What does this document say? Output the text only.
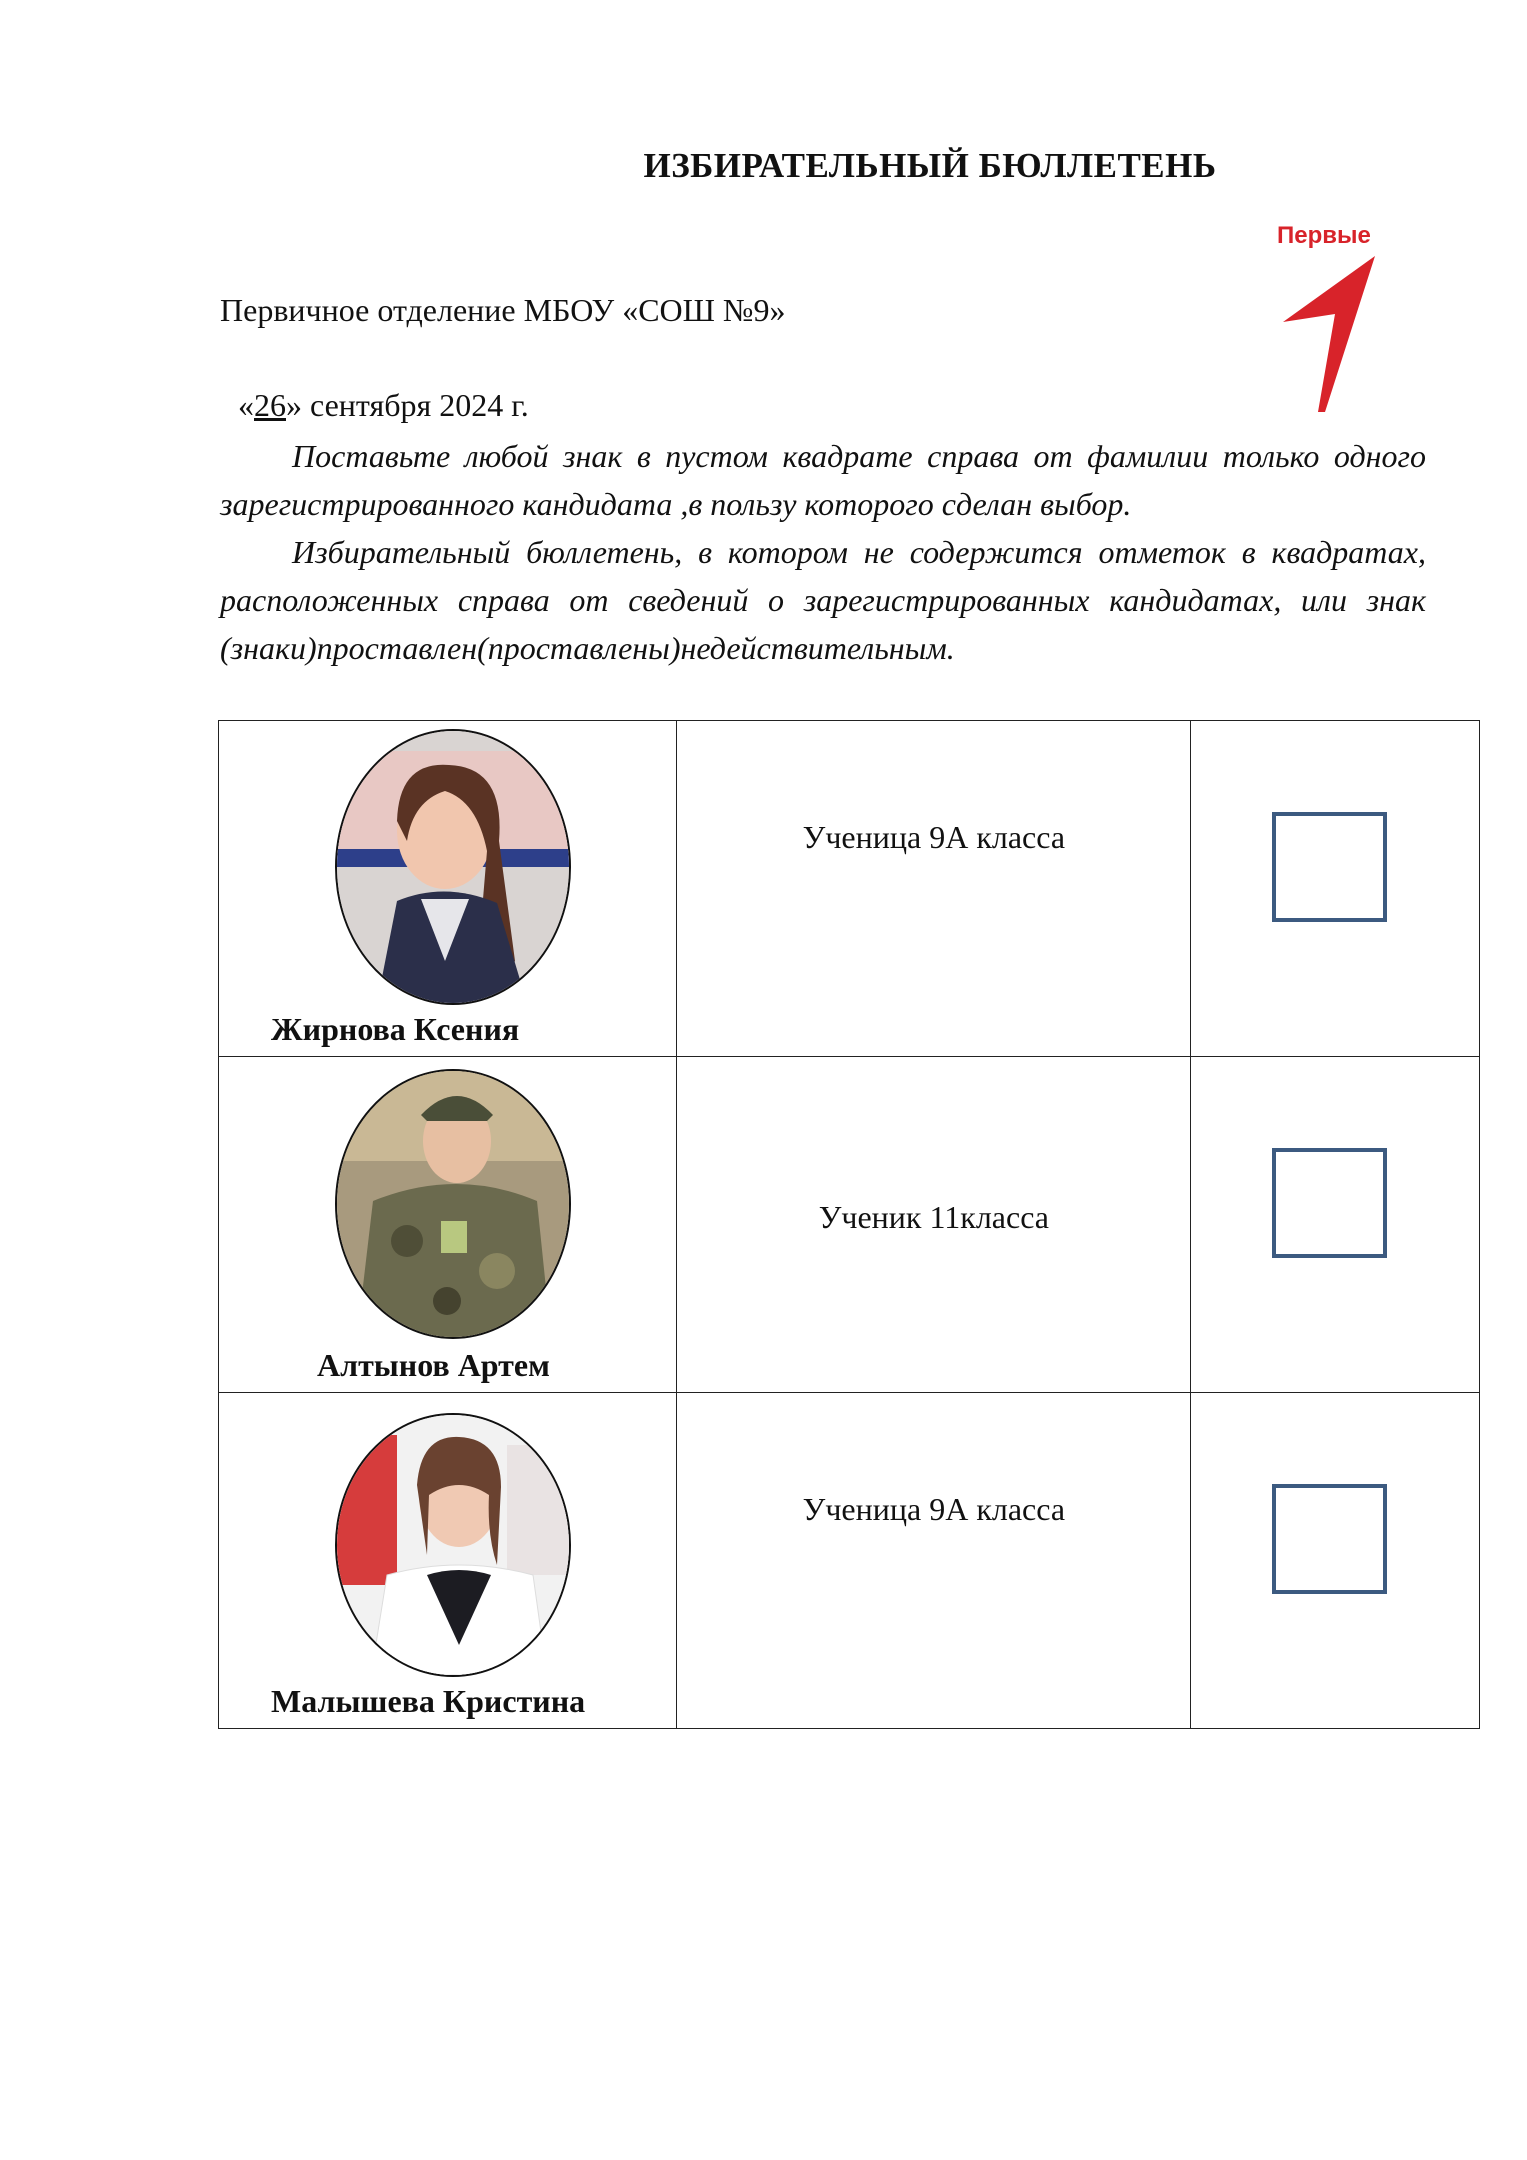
ИЗБИРАТЕЛЬНЫЙ БЮЛЛЕТЕНЬ
Первые
Первичное отделение МБОУ «СОШ №9»
«26» сентября 2024 г.
Поставьте любой знак в пустом квадрате справа от фамилии только одного зарегистрированного кандидата ,в пользу которого сделан выбор.
Избирательный бюллетень, в котором не содержится отметок в квадратах, расположенных справа от сведений о зарегистрированных кандидатах, или знак (знаки)проставлен(проставлены)недействительным.
Жирнова Ксения	Ученица 9А класса	

Алтынов Артем	Ученик 11класса	

Малышева Кристина	Ученица 9А класса	
